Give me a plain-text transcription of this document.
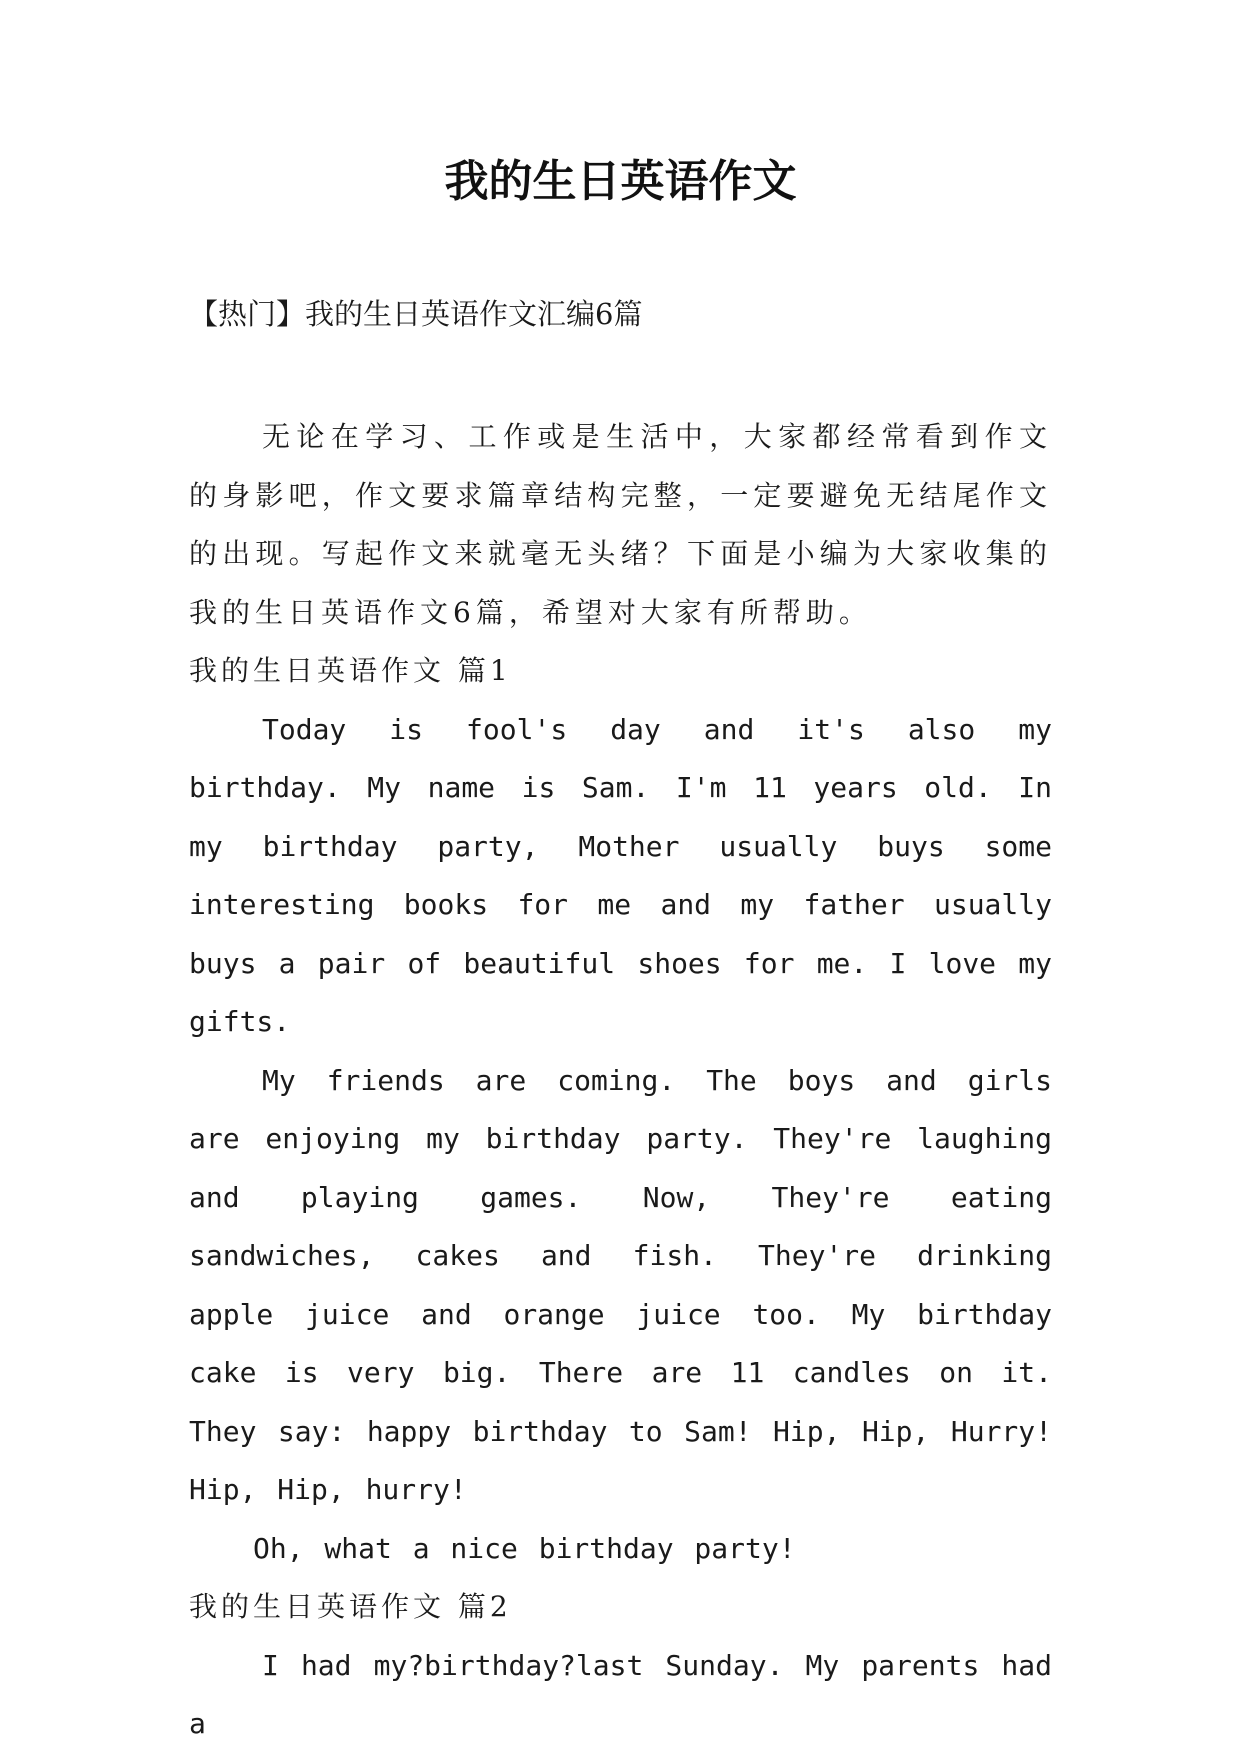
我的生日英语作文

【热门】我的生日英语作文汇编6篇

无论在学习、工作或是生活中，大家都经常看到作文的身影吧，作文要求篇章结构完整，一定要避免无结尾作文的出现。写起作文来就毫无头绪？下面是小编为大家收集的我的生日英语作文6篇，希望对大家有所帮助。

我的生日英语作文 篇1

Today is fool's day and it's also my birthday. My name is Sam. I'm 11 years old. In my birthday party, Mother usually buys some interesting books for me and my father usually buys a pair of beautiful shoes for me. I love my gifts.

My friends are coming. The boys and girls are enjoying my birthday party. They're laughing and playing games. Now, They're eating sandwiches, cakes and fish. They're drinking apple juice and orange juice too. My birthday cake is very big. There are 11 candles on it. They say: happy birthday to Sam! Hip, Hip, Hurry! Hip, Hip, hurry!

Oh, what a nice birthday party!

我的生日英语作文 篇2

I had my?birthday?last Sunday. My parents had a
